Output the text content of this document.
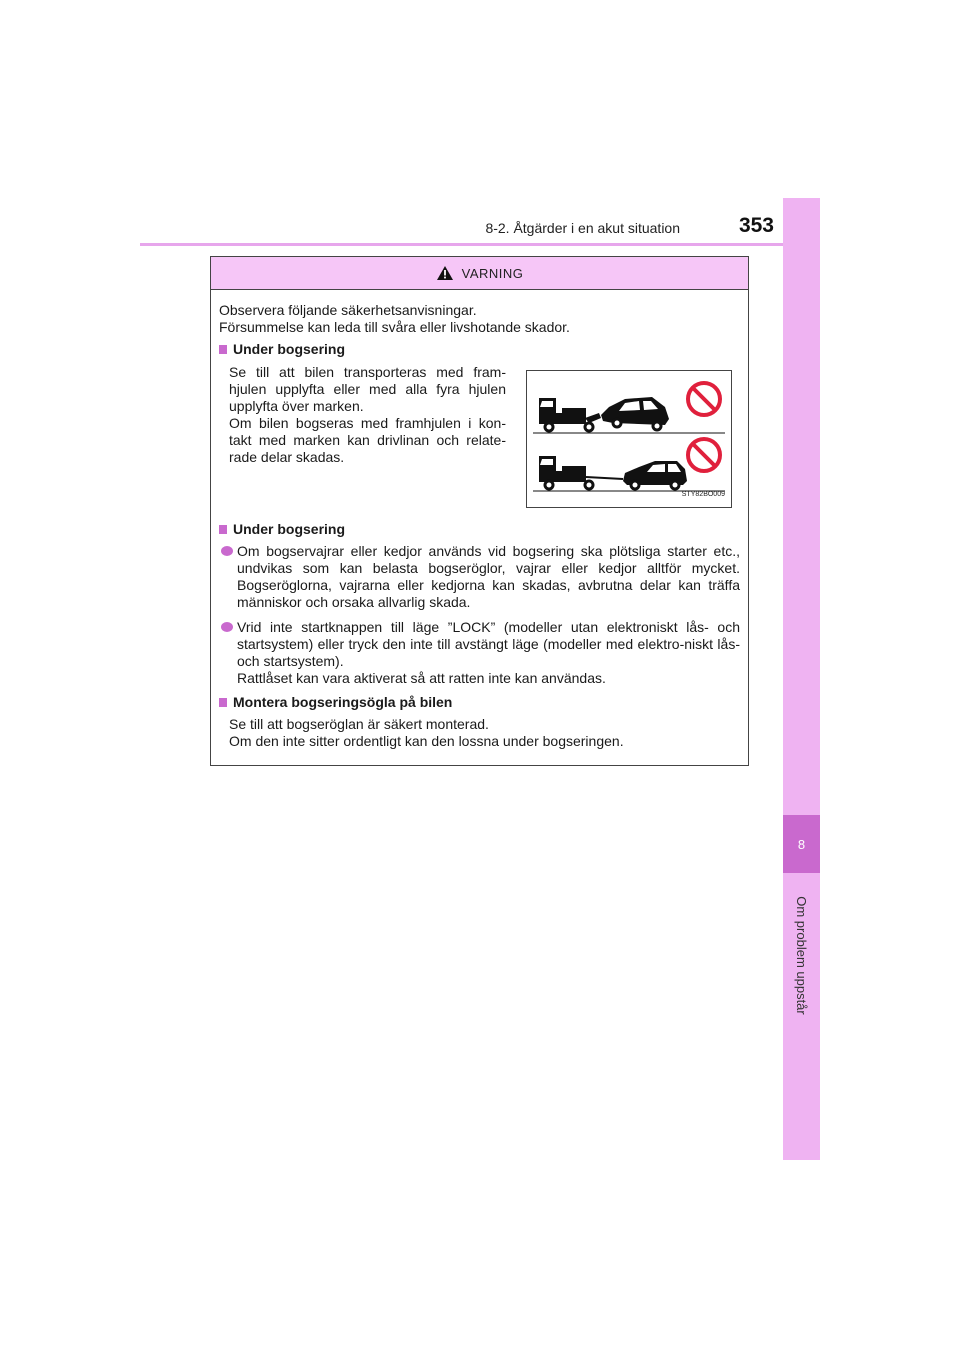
8-2. Åtgärder i en akut situation	353
8
Om problem uppstår
VARNING

Observera följande säkerhetsanvisningar.

Försummelse kan leda till svåra eller livshotande skador.

Under bogsering

Se till att bilen transporteras med fram-hjulen upplyfta eller med alla fyra hjulen upplyfta över marken.

Om bilen bogseras med framhjulen i kon-takt med marken kan drivlinan och relate-rade delar skadas.

STY82BO009
Under bogsering
Om bogservajrar eller kedjor används vid bogsering ska plötsliga starter etc., undvikas som kan belasta bogseröglor, vajrar eller kedjor alltför mycket. Bogseröglorna, vajrarna eller kedjorna kan skadas, avbrutna delar kan träffa människor och orsaka allvarlig skada.
Vrid inte startknappen till läge ”LOCK” (modeller utan elektroniskt lås- och startsystem) eller tryck den inte till avstängt läge (modeller med elektro-niskt lås- och startsystem).

Rattlåset kan vara aktiverat så att ratten inte kan användas.

Montera bogseringsögla på bilen

Se till att bogseröglan är säkert monterad.

Om den inte sitter ordentligt kan den lossna under bogseringen.
